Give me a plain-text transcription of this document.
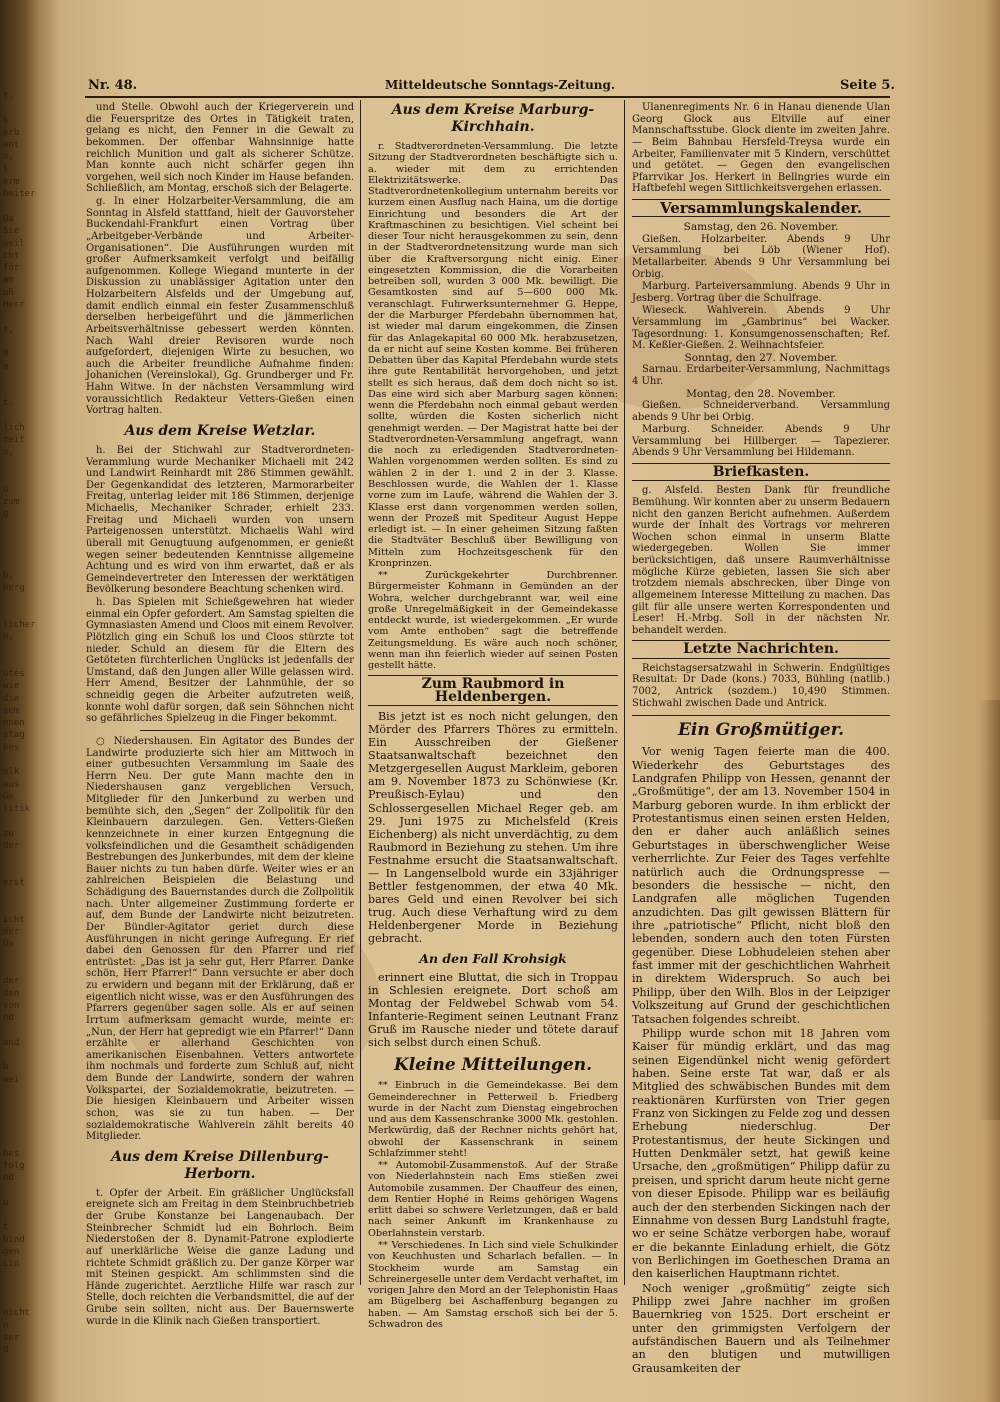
t.

k
erb
ant
m,
l
erm
beiter

Da
Sie
weil
cht
für
an
uß
Herr

t,

9
m

t.

lich
zeit
m,

u
zum
g

b,
berg

licher
n,

utes
wie
die
sem
nnen
stag
bes

olk
aus
Ge
litik

zu
der

erst

icht
der
Da

der
den
von
nd

and

b
wei

bes
folg
nd

u

t
bind
gen
Lin

nicht
n
ser
d

Nr. 48.	Mitteldeutsche Sonntags-Zeitung.	Seite 5.

und Stelle. Obwohl auch der Kriegerverein und die Feuerspritze des Ortes in Tätigkeit traten, gelang es nicht, den Fenner in die Gewalt zu bekommen. Der offenbar Wahnsinnige hatte reichlich Munition und galt als sicherer Schütze. Man konnte auch nicht schärfer gegen ihn vorgehen, weil sich noch Kinder im Hause befanden. Schließlich, am Montag, erschoß sich der Belagerte.

g. In einer Holzarbeiter-Versammlung, die am Sonntag in Alsfeld stattfand, hielt der Gauvorsteher Buckendahl-Frankfurt einen Vortrag über „Arbeitgeber-Verbände und Arbeiter-Organisationen“. Die Ausführungen wurden mit großer Aufmerksamkeit verfolgt und beifällig aufgenommen. Kollege Wiegand munterte in der Diskussion zu unablässiger Agitation unter den Holzarbeitern Alsfelds und der Umgebung auf, damit endlich einmal ein fester Zusammenschluß derselben herbeigeführt und die jämmerlichen Arbeitsverhältnisse gebessert werden könnten. Nach Wahl dreier Revisoren wurde noch aufgefordert, diejenigen Wirte zu besuchen, wo auch die Arbeiter freundliche Aufnahme finden: Johanichen (Vereinslokal), Gg. Grundberger und Fr. Hahn Witwe. In der nächsten Versammlung wird voraussichtlich Redakteur Vetters-Gießen einen Vortrag halten.

Aus dem Kreise Wetzlar.

h. Bei der Stichwahl zur Stadtverordneten-Verammlung wurde Mechaniker Michaeli mit 242 und Landwirt Reinhardt mit 286 Stimmen gewählt. Der Gegenkandidat des letzteren, Marmorarbeiter Freitag, unterlag leider mit 186 Stimmen, derjenige Michaelis, Mechaniker Schrader, erhielt 233. Freitag und Michaeli wurden von unsern Parteigenossen unterstützt. Michaelis Wahl wird überall mit Genugtuung aufgenommen, er genießt wegen seiner bedeutenden Kenntnisse allgemeine Achtung und es wird von ihm erwartet, daß er als Gemeindevertreter den Interessen der werktätigen Bevölkerung besondere Beachtung schenken wird.

h. Das Spielen mit Schießgewehren hat wieder einmal ein Opfer gefordert. Am Samstag spielten die Gymnasiasten Amend und Cloos mit einem Revolver. Plötzlich ging ein Schuß los und Cloos stürzte tot nieder. Schuld an diesem für die Eltern des Getöteten fürchterlichen Unglücks ist jedenfalls der Umstand, daß den Jungen aller Wille gelassen wird. Herr Amend, Besitzer der Lahnmühle, der so schneidig gegen die Arbeiter aufzutreten weiß, konnte wohl dafür sorgen, daß sein Söhnchen nicht so gefährliches Spielzeug in die Finger bekommt.

○ Niedershausen. Ein Agitator des Bundes der Landwirte produzierte sich hier am Mittwoch in einer gutbesuchten Versammlung im Saale des Herrn Neu. Der gute Mann machte den in Niedershausen ganz vergeblichen Versuch, Mitglieder für den Junkerbund zu werben und bemühte sich, den „Segen“ der Zollpolitik für den Kleinbauern darzulegen. Gen. Vetters-Gießen kennzeichnete in einer kurzen Entgegnung die volksfeindlichen und die Gesamtheit schädigenden Bestrebungen des Junkerbundes, mit dem der kleine Bauer nichts zu tun haben dürfe. Weiter wies er an zahlreichen Beispielen die Belastung und Schädigung des Bauernstandes durch die Zollpolitik nach. Unter allgemeiner Zustimmung forderte er auf, dem Bunde der Landwirte nicht beizutreten. Der Bündler-Agitator geriet durch diese Ausführungen in nicht geringe Aufregung. Er rief dabei den Genossen für den Pfarrer und rief entrüstet: „Das ist ja sehr gut, Herr Pfarrer. Danke schön, Herr Pfarrer!“ Dann versuchte er aber doch zu erwidern und begann mit der Erklärung, daß er eigentlich nicht wisse, was er den Ausführungen des Pfarrers gegenüber sagen solle. Als er auf seinen Irrtum aufmerksam gemacht wurde, meinte er: „Nun, der Herr hat gepredigt wie ein Pfarrer!“ Dann erzählte er allerhand Geschichten von amerikanischen Eisenbahnen. Vetters antwortete ihm nochmals und forderte zum Schluß auf, nicht dem Bunde der Landwirte, sondern der wahren Volkspartei, der Sozialdemokratie, beizutreten. — Die hiesigen Kleinbauern und Arbeiter wissen schon, was sie zu tun haben. — Der sozialdemokratische Wahlverein zählt bereits 40 Mitglieder.

Aus dem Kreise Dillenburg-Herborn.

t. Opfer der Arbeit. Ein gräßlicher Unglücksfall ereignete sich am Freitag in dem Steinbruchbetrieb der Grube Konstanze bei Langenaubach. Der Steinbrecher Schmidt lud ein Bohrloch. Beim Niederstoßen der 8. Dynamit-Patrone explodierte auf unerklärliche Weise die ganze Ladung und richtete Schmidt gräßlich zu. Der ganze Körper war mit Steinen gespickt. Am schlimmsten sind die Hände zugerichtet. Aerztliche Hilfe war rasch zur Stelle, doch reichten die Verbandsmittel, die auf der Grube sein sollten, nicht aus. Der Bauernswerte wurde in die Klinik nach Gießen transportiert.

Aus dem Kreise Marburg-Kirchhain.

r. Stadtverordneten-Versammlung. Die letzte Sitzung der Stadtverordneten beschäftigte sich u. a. wieder mit dem zu errichtenden Elektrizitätswerke. Das Stadtverordnetenkollegium unternahm bereits vor kurzem einen Ausflug nach Haina, um die dortige Einrichtung und besonders die Art der Kraftmaschinen zu besichtigen. Viel scheint bei dieser Tour nicht herausgekommen zu sein, denn in der Stadtverordnetensitzung wurde man sich über die Kraftversorgung nicht einig. Einer eingesetzten Kommission, die die Vorarbeiten betreiben soll, wurden 3 000 Mk. bewilligt. Die Gesamtkosten sind auf 5—600 000 Mk. veranschlagt. Fuhrwerksunternehmer G. Heppe, der die Marburger Pferdebahn übernommen hat, ist wieder mal darum eingekommen, die Zinsen für das Anlagekapital 60 000 Mk. herabzusetzen, da er nicht auf seine Kosten komme. Bei früheren Debatten über das Kapital Pferdebahn wurde stets ihre gute Rentabilität hervorgehoben, und jetzt stellt es sich heraus, daß dem doch nicht so ist. Das eine wird sich aber Marburg sagen können: wenn die Pferdebahn noch einmal gebaut werden sollte, würden die Kosten sicherlich nicht genehmigt werden. — Der Magistrat hatte bei der Stadtverordneten-Versammlung angefragt, wann die noch zu erledigenden Stadtverordneten-Wahlen vorgenommen werden sollten. Es sind zu wählen 2 in der 1. und 2 in der 3. Klasse. Beschlossen wurde, die Wahlen der 1. Klasse vorne zum im Laufe, während die Wahlen der 3. Klasse erst dann vorgenommen werden sollen, wenn der Prozeß mit Spediteur August Heppe erledigt ist. — In einer geheimen Sitzung faßten die Stadtväter Beschluß über Bewilligung von Mitteln zum Hochzeitsgeschenk für den Kronprinzen.

** Zurückgekehrter Durchbrenner. Bürgermeister Kohmann in Gemünden an der Wohra, welcher durchgebrannt war, weil eine große Unregelmäßigkeit in der Gemeindekasse entdeckt wurde, ist wiedergekommen. „Er wurde vom Amte enthoben“ sagt die betreffende Zeitungsmeldung. Es wäre auch noch schöner, wenn man ihn feierlich wieder auf seinen Posten gestellt hätte.

Zum Raubmord in Heldenbergen.

Bis jetzt ist es noch nicht gelungen, den Mörder des Pfarrers Thöres zu ermitteln. Ein Ausschreiben der Gießener Staatsanwaltschaft bezeichnet den Metzgergesellen August Markleim, geboren am 9. November 1873 zu Schönwiese (Kr. Preußisch-Eylau) und den Schlossergesellen Michael Reger geb. am 29. Juni 1975 zu Michelsfeld (Kreis Eichenberg) als nicht unverdächtig, zu dem Raubmord in Beziehung zu stehen. Um ihre Festnahme ersucht die Staatsanwaltschaft. — In Langenselbold wurde ein 33jähriger Bettler festgenommen, der etwa 40 Mk. bares Geld und einen Revolver bei sich trug. Auch diese Verhaftung wird zu dem Heldenbergener Morde in Beziehung gebracht.

An den Fall Krohsigk

erinnert eine Bluttat, die sich in Troppau in Schlesien ereignete. Dort schoß am Montag der Feldwebel Schwab vom 54. Infanterie-Regiment seinen Leutnant Franz Gruß im Rausche nieder und tötete darauf sich selbst durch einen Schuß.

Kleine Mitteilungen.

** Einbruch in die Gemeindekasse. Bei dem Gemeinderechner in Petterweil b. Friedberg wurde in der Nacht zum Dienstag eingebrochen und aus dem Kassenschranke 3000 Mk. gestohlen. Merkwürdig, daß der Rechner nichts gehört hat, obwohl der Kassenschrank in seinem Schlafzimmer steht!

** Automobil-Zusammenstoß. Auf der Straße von Niederlahnstein nach Ems stießen zwei Automobile zusammen. Der Chauffeur des einen, dem Rentier Hophé in Reims gehörigen Wagens erlitt dabei so schwere Verletzungen, daß er bald nach seiner Ankunft im Krankenhause zu Oberlahnstein verstarb.

** Verschiedenes. In Lich sind viele Schulkinder von Keuchhusten und Scharlach befallen. — In Stockheim wurde am Samstag ein Schreinergeselle unter dem Verdacht verhaftet, im vorigen Jahre den Mord an der Telephonistin Haas am Bügelberg bei Aschaffenburg begangen zu haben. — Am Samstag erschoß sich bei der 5. Schwadron des

Ulanenregiments Nr. 6 in Hanau dienende Ulan Georg Glock aus Eltville auf einer Mannschaftsstube. Glock diente im zweiten Jahre. — Beim Bahnbau Hersfeld-Treysa wurde ein Arbeiter, Familienvater mit 5 Kindern, verschüttet und getötet. — Gegen den evangelischen Pfarrvikar Jos. Herkert in Bellngries wurde ein Haftbefehl wegen Sittlichkeitsvergehen erlassen.

Versammlungskalender.
Samstag, den 26. November.

Gießen. Holzarbeiter. Abends 9 Uhr Versammlung bei Löb (Wiener Hof). Metallarbeiter. Abends 9 Uhr Versammlung bei Orbig.

Marburg. Parteiversammlung. Abends 9 Uhr in Jesberg. Vortrag über die Schulfrage.

Wieseck. Wahlverein. Abends 9 Uhr Versammlung im „Gambrinus“ bei Wacker. Tagesordnung: 1. Konsumgenossenschaften; Ref. M. Keßler-Gießen. 2. Weihnachtsfeier.

Sonntag, den 27. November.

Sarnau. Erdarbeiter-Versammlung, Nachmittags 4 Uhr.

Montag, den 28. November.

Gießen. Schneiderverband. Versammlung abends 9 Uhr bei Orbig.

Marburg. Schneider. Abends 9 Uhr Versammlung bei Hillberger. — Tapezierer. Abends 9 Uhr Versammlung bei Hildemann.

Briefkasten.

g. Alsfeld. Besten Dank für freundliche Bemühung. Wir konnten aber zu unserm Bedauern nicht den ganzen Bericht aufnehmen. Außerdem wurde der Inhalt des Vortrags vor mehreren Wochen schon einmal in unserm Blatte wiedergegeben. Wollen Sie immer berücksichtigen, daß unsere Raumverhältnisse mögliche Kürze gebieten, lassen Sie sich aber trotzdem niemals abschrecken, über Dinge von allgemeinem Interesse Mitteilung zu machen. Das gilt für alle unsere werten Korrespondenten und Leser! H.-Mrbg. Soll in der nächsten Nr. behandelt werden.

Letzte Nachrichten.

Reichstagsersatzwahl in Schwerin. Endgültiges Resultat: Dr Dade (kons.) 7033, Bühling (natlib.) 7002, Antrick (sozdem.) 10,490 Stimmen. Stichwahl zwischen Dade und Antrick.

Ein Großmütiger.

Vor wenig Tagen feierte man die 400. Wiederkehr des Geburtstages des Landgrafen Philipp von Hessen, genannt der „Großmütige“, der am 13. November 1504 in Marburg geboren wurde. In ihm erblickt der Protestantismus einen seinen ersten Helden, den er daher auch anläßlich seines Geburtstages in überschwenglicher Weise verherrlichte. Zur Feier des Tages verfehlte natürlich auch die Ordnungspresse — besonders die hessische — nicht, den Landgrafen alle möglichen Tugenden anzudichten. Das gilt gewissen Blättern für ihre „patriotische“ Pflicht, nicht bloß den lebenden, sondern auch den toten Fürsten gegenüber. Diese Lobhudeleien stehen aber fast immer mit der geschichtlichen Wahrheit in direktem Widerspruch. So auch bei Philipp, über den Wilh. Blos in der Leipziger Volkszeitung auf Grund der geschichtlichen Tatsachen folgendes schreibt.

Philipp wurde schon mit 18 Jahren vom Kaiser für mündig erklärt, und das mag seinen Eigendünkel nicht wenig gefördert haben. Seine erste Tat war, daß er als Mitglied des schwäbischen Bundes mit dem reaktionären Kurfürsten von Trier gegen Franz von Sickingen zu Felde zog und dessen Erhebung niederschlug. Der Protestantismus, der heute Sickingen und Hutten Denkmäler setzt, hat gewiß keine Ursache, den „großmütigen“ Philipp dafür zu preisen, und spricht darum heute nicht gerne von dieser Episode. Philipp war es beiläufig auch der den sterbenden Sickingen nach der Einnahme von dessen Burg Landstuhl fragte, wo er seine Schätze verborgen habe, worauf er die bekannte Einladung erhielt, die Götz von Berlichingen im Goetheschen Drama an den kaiserlichen Hauptmann richtet.

Noch weniger „großmütig“ zeigte sich Philipp zwei Jahre nachher im großen Bauernkrieg von 1525. Dort erscheint er unter den grimmigsten Verfolgern der aufständischen Bauern und als Teilnehmer an den blutigen und mutwilligen Grausamkeiten der
